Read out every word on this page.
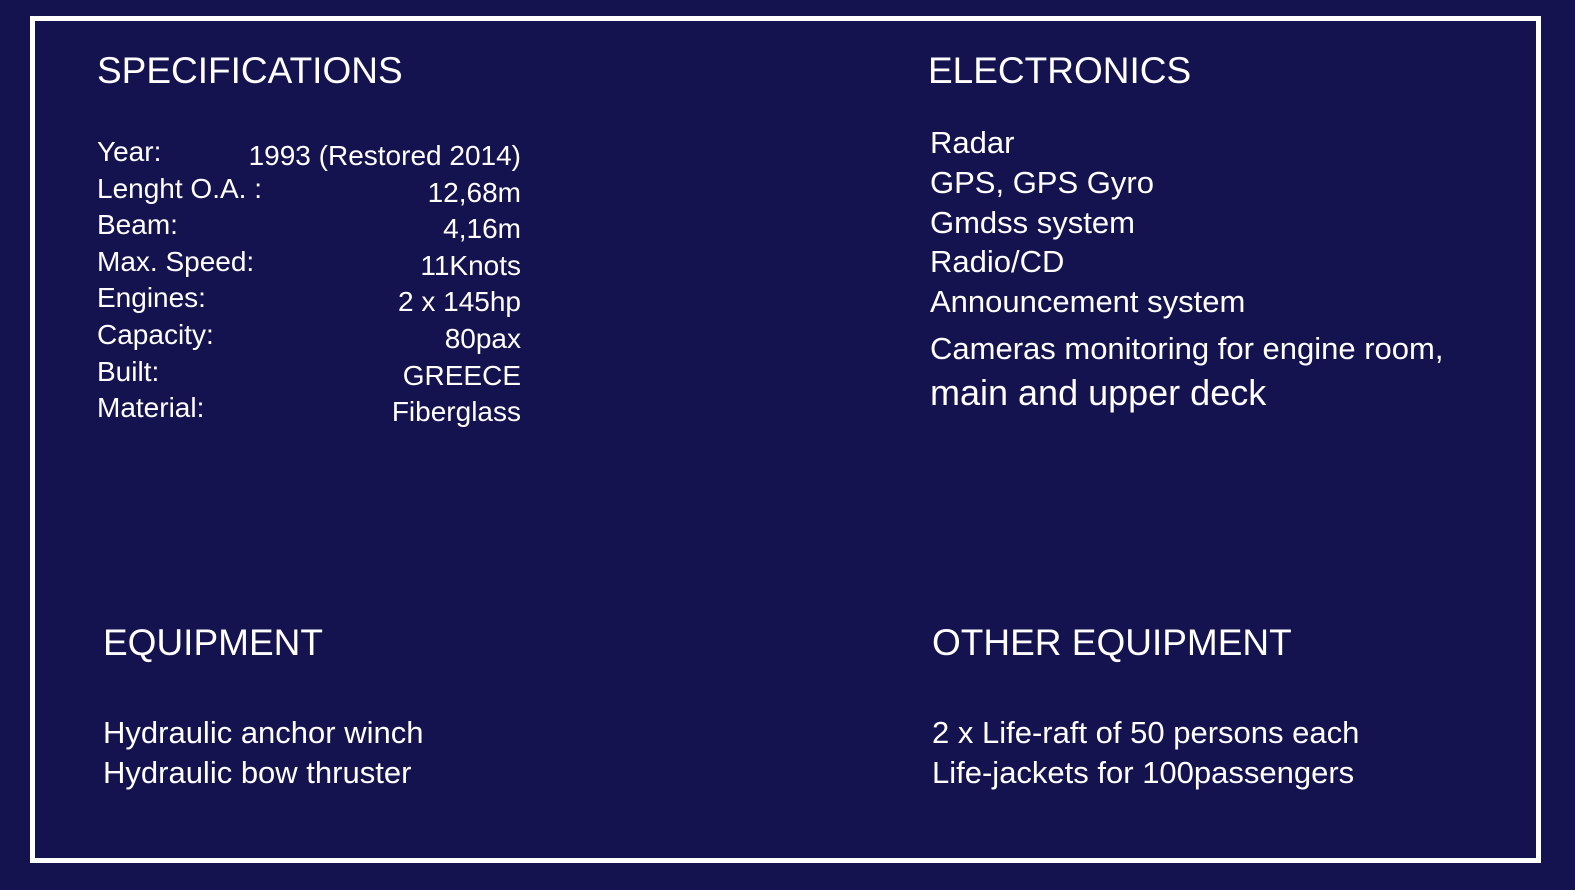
SPECIFICATIONS
Year:	1993 (Restored 2014)
Lenght O.A. :	12,68m
Beam:	4,16m
Max. Speed:	11Knots
Engines:	2 x 145hp
Capacity:	80pax
Built:	GREECE
Material:	Fiberglass
ELECTRONICS
Radar
GPS, GPS Gyro
Gmdss system
Radio/CD
Announcement system
Cameras monitoring for engine room,
main and upper deck
EQUIPMENT
Hydraulic anchor winch
Hydraulic bow thruster
OTHER EQUIPMENT
2 x Life-raft of 50 persons each
Life-jackets for 100passengers
